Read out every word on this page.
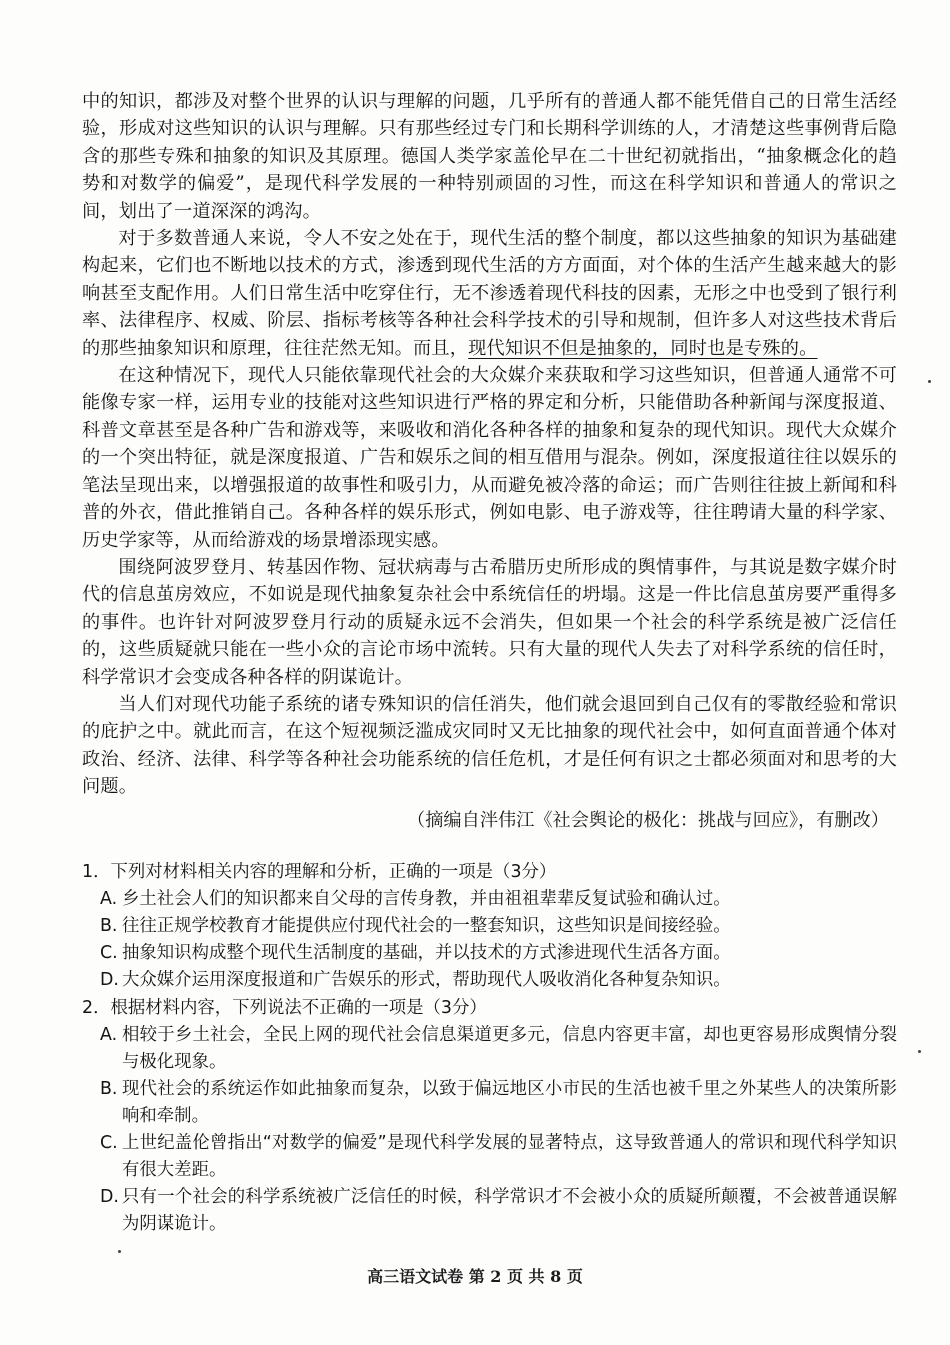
中的知识，都涉及对整个世界的认识与理解的问题，几乎所有的普通人都不能凭借自己的日常生活经验，形成对这些知识的认识与理解。只有那些经过专门和长期科学训练的人，才清楚这些事例背后隐含的那些专殊和抽象的知识及其原理。德国人类学家盖伦早在二十世纪初就指出，“抽象概念化的趋势和对数学的偏爱”，是现代科学发展的一种特别顽固的习性，而这在科学知识和普通人的常识之间，划出了一道深深的鸿沟。

对于多数普通人来说，令人不安之处在于，现代生活的整个制度，都以这些抽象的知识为基础建构起来，它们也不断地以技术的方式，渗透到现代生活的方方面面，对个体的生活产生越来越大的影响甚至支配作用。人们日常生活中吃穿住行，无不渗透着现代科技的因素，无形之中也受到了银行利率、法律程序、权威、阶层、指标考核等各种社会科学技术的引导和规制，但许多人对这些技术背后的那些抽象知识和原理，往往茫然无知。而且，现代知识不但是抽象的，同时也是专殊的。

在这种情况下，现代人只能依靠现代社会的大众媒介来获取和学习这些知识，但普通人通常不可能像专家一样，运用专业的技能对这些知识进行严格的界定和分析，只能借助各种新闻与深度报道、科普文章甚至是各种广告和游戏等，来吸收和消化各种各样的抽象和复杂的现代知识。现代大众媒介的一个突出特征，就是深度报道、广告和娱乐之间的相互借用与混杂。例如，深度报道往往以娱乐的笔法呈现出来，以增强报道的故事性和吸引力，从而避免被冷落的命运；而广告则往往披上新闻和科普的外衣，借此推销自己。各种各样的娱乐形式，例如电影、电子游戏等，往往聘请大量的科学家、历史学家等，从而给游戏的场景增添现实感。

围绕阿波罗登月、转基因作物、冠状病毒与古希腊历史所形成的舆情事件，与其说是数字媒介时代的信息茧房效应，不如说是现代抽象复杂社会中系统信任的坍塌。这是一件比信息茧房要严重得多的事件。也许针对阿波罗登月行动的质疑永远不会消失，但如果一个社会的科学系统是被广泛信任的，这些质疑就只能在一些小众的言论市场中流转。只有大量的现代人失去了对科学系统的信任时，科学常识才会变成各种各样的阴谋诡计。

当人们对现代功能子系统的诸专殊知识的信任消失，他们就会退回到自己仅有的零散经验和常识的庇护之中。就此而言，在这个短视频泛滥成灾同时又无比抽象的现代社会中，如何直面普通个体对政治、经济、法律、科学等各种社会功能系统的信任危机，才是任何有识之士都必须面对和思考的大问题。

（摘编自泮伟江《社会舆论的极化：挑战与回应》，有删改）

1．下列对材料相关内容的理解和分析，正确的一项是（3分）

A. 乡土社会人们的知识都来自父母的言传身教，并由祖祖辈辈反复试验和确认过。
B. 往往正规学校教育才能提供应付现代社会的一整套知识，这些知识是间接经验。
C. 抽象知识构成整个现代生活制度的基础，并以技术的方式渗进现代生活各方面。
D. 大众媒介运用深度报道和广告娱乐的形式，帮助现代人吸收消化各种复杂知识。

2．根据材料内容，下列说法不正确的一项是（3分）

A. 相较于乡土社会，全民上网的现代社会信息渠道更多元，信息内容更丰富，却也更容易形成舆情分裂与极化现象。
B. 现代社会的系统运作如此抽象而复杂，以致于偏远地区小市民的生活也被千里之外某些人的决策所影响和牵制。
C. 上世纪盖伦曾指出“对数学的偏爱”是现代科学发展的显著特点，这导致普通人的常识和现代科学知识有很大差距。
D. 只有一个社会的科学系统被广泛信任的时候，科学常识才不会被小众的质疑所颠覆，不会被普通误解为阴谋诡计。
高三语文试卷 第 2 页 共 8 页
